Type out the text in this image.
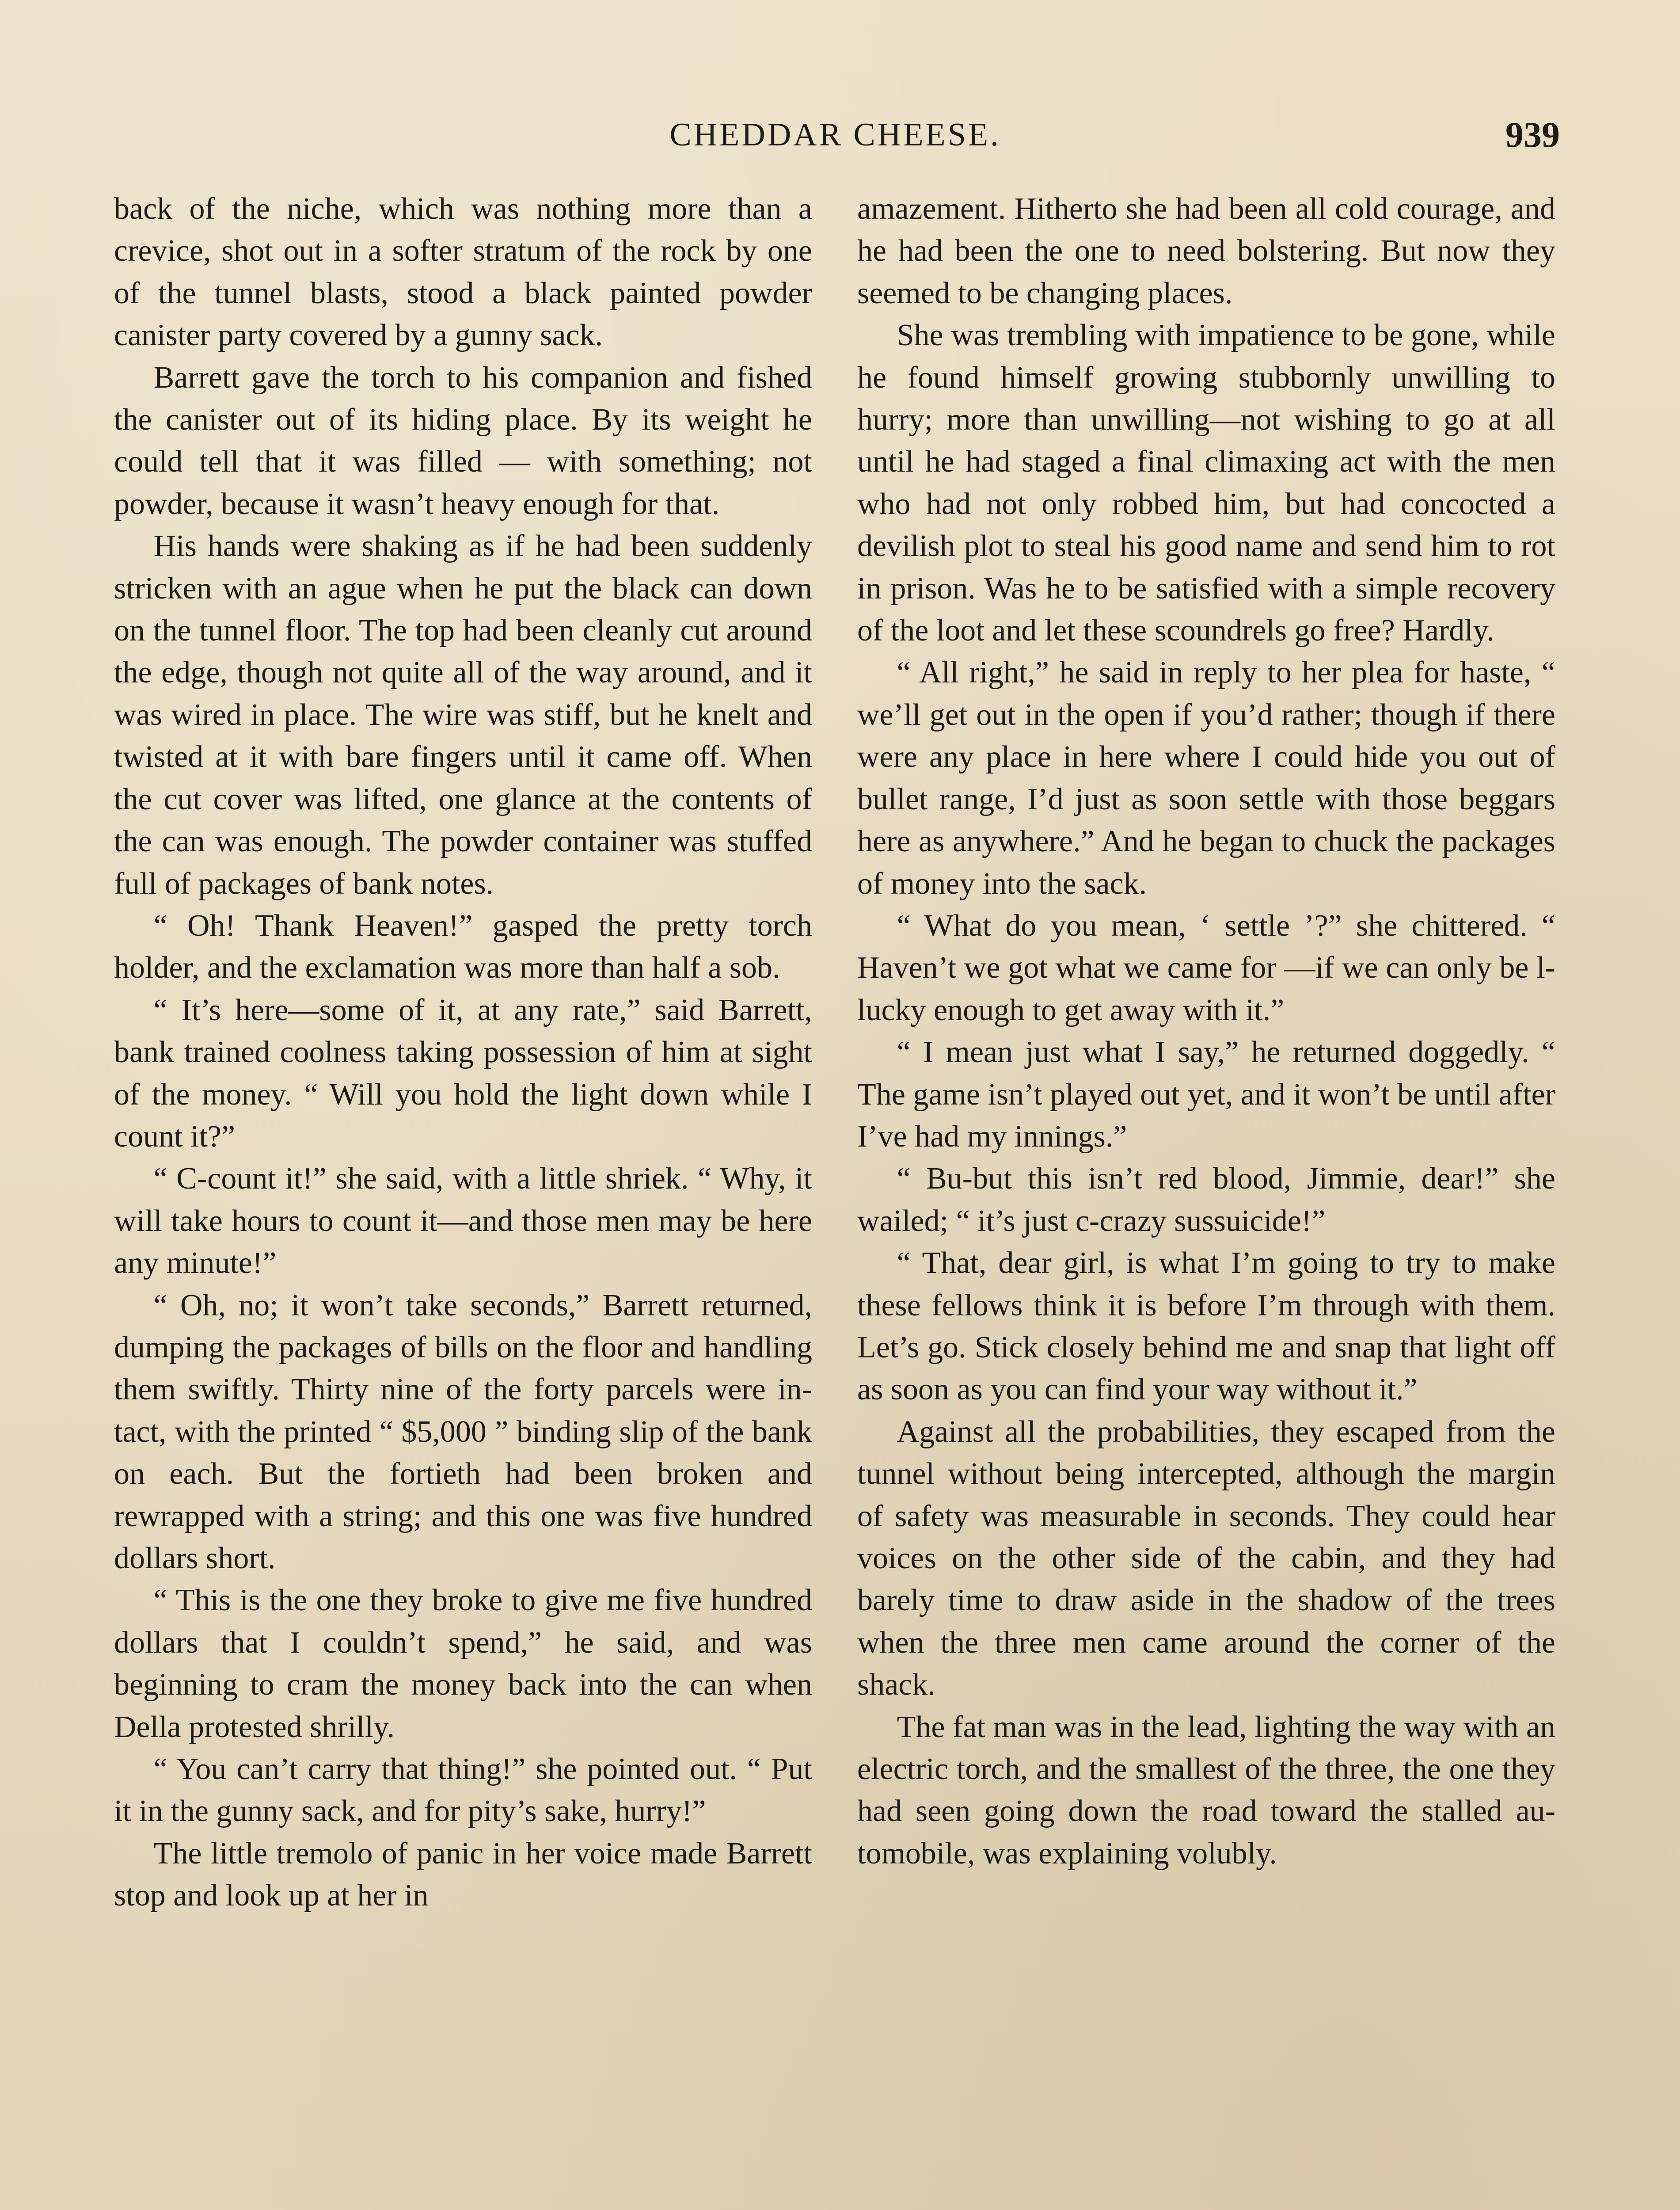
CHEDDAR CHEESE.	939

back of the niche, which was nothing more than a crevice, shot out in a softer stratum of the rock by one of the tunnel blasts, stood a black painted powder canister party covered by a gunny sack.

Barrett gave the torch to his companion and fished the canister out of its hiding place. By its weight he could tell that it was filled — with something; not powder, because it wasn’t heavy enough for that.

His hands were shaking as if he had been suddenly stricken with an ague when he put the black can down on the tunnel floor. The top had been cleanly cut around the edge, though not quite all of the way around, and it was wired in place. The wire was stiff, but he knelt and twisted at it with bare fingers until it came off. When the cut cover was lifted, one glance at the contents of the can was enough. The powder container was stuffed full of packages of bank notes.

“ Oh! Thank Heaven!” gasped the pretty torch holder, and the exclamation was more than half a sob.

“ It’s here—some of it, at any rate,” said Barrett, bank trained coolness taking possession of him at sight of the money. “ Will you hold the light down while I count it?”

“ C-count it!” she said, with a little shriek. “ Why, it will take hours to count it—and those men may be here any minute!”

“ Oh, no; it won’t take seconds,” Barrett returned, dumping the packages of bills on the floor and handling them swiftly. Thirty nine of the forty parcels were intact, with the printed “ $5,000 ” binding slip of the bank on each. But the fortieth had been broken and rewrapped with a string; and this one was five hundred dollars short.

“ This is the one they broke to give me five hundred dollars that I couldn’t spend,” he said, and was beginning to cram the money back into the can when Della protested shrilly.

“ You can’t carry that thing!” she pointed out. “ Put it in the gunny sack, and for pity’s sake, hurry!”

The little tremolo of panic in her voice made Barrett stop and look up at her in

amazement. Hitherto she had been all cold courage, and he had been the one to need bolstering. But now they seemed to be changing places.

She was trembling with impatience to be gone, while he found himself growing stubbornly unwilling to hurry; more than unwilling—not wishing to go at all until he had staged a final climaxing act with the men who had not only robbed him, but had concocted a devilish plot to steal his good name and send him to rot in prison. Was he to be satisfied with a simple recovery of the loot and let these scoundrels go free? Hardly.

“ All right,” he said in reply to her plea for haste, “ we’ll get out in the open if you’d rather; though if there were any place in here where I could hide you out of bullet range, I’d just as soon settle with those beggars here as anywhere.” And he began to chuck the packages of money into the sack.

“ What do you mean, ‘ settle ’?” she chittered. “ Haven’t we got what we came for —if we can only be l-lucky enough to get away with it.”

“ I mean just what I say,” he returned doggedly. “ The game isn’t played out yet, and it won’t be until after I’ve had my innings.”

“ Bu-but this isn’t red blood, Jimmie, dear!” she wailed; “ it’s just c-crazy sussuicide!”

“ That, dear girl, is what I’m going to try to make these fellows think it is before I’m through with them. Let’s go. Stick closely behind me and snap that light off as soon as you can find your way without it.”

Against all the probabilities, they escaped from the tunnel without being intercepted, although the margin of safety was measurable in seconds. They could hear voices on the other side of the cabin, and they had barely time to draw aside in the shadow of the trees when the three men came around the corner of the shack.

The fat man was in the lead, lighting the way with an electric torch, and the smallest of the three, the one they had seen going down the road toward the stalled automobile, was explaining volubly.
